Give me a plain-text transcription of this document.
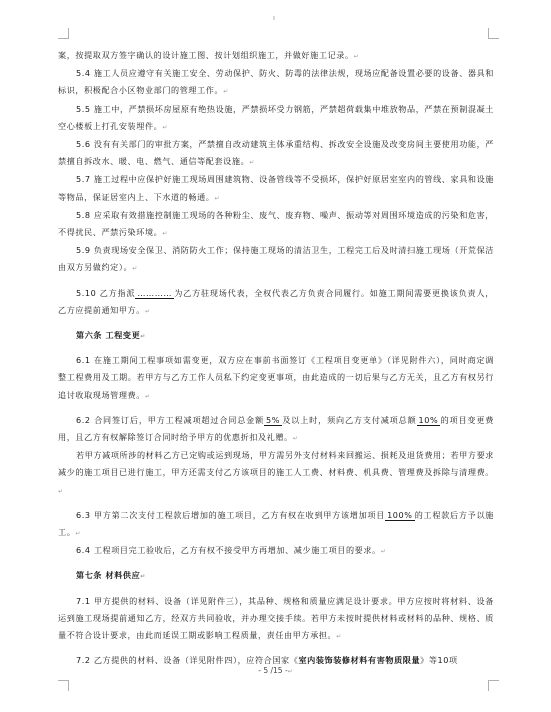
ı

案，按提取双方签字确认的设计施工图、按计划组织施工，并做好施工记录。↵

5.4 施工人员应遵守有关施工安全、劳动保护、防火、防毒的法律法规，现场应配备设置必要的设备、器具和标识，积极配合小区物业部门的管理工作。↵

5.5 施工中，严禁损坏房屋原有绝热设施，严禁损坏受力钢筋，严禁超荷载集中堆放物品，严禁在预制混凝土空心楼板上打孔安装埋件。↵

5.6 没有有关部门的审批方案，严禁擅自改动建筑主体承重结构、拆改安全设施及改变房间主要使用功能，严禁擅自拆改水、暖、电、燃气、通信等配套设施。↵

5.7 施工过程中应保护好施工现场周围建筑物、设备管线等不受损坏，保护好原居室室内的管线、家具和设施等物品，保证居室内上、下水道的畅通。↵

5.8 应采取有效措施控制施工现场的各种粉尘、废气、废弃物、噪声、振动等对周围环境造成的污染和危害，不得扰民、严禁污染环境。↵

5.9 负责现场安全保卫、消防防火工作；保持施工现场的清洁卫生，工程完工后及时清扫施工现场（开荒保洁由双方另做约定）。↵

5.10 乙方指派 ………… 为乙方驻现场代表，全权代表乙方负责合同履行。如施工期间需要更换该负责人，乙方应提前通知甲方。↵

第六条 工程变更↵

6.1 在施工期间工程事项如需变更，双方应在事前书面签订《工程项目变更单》（详见附件六），同时商定调整工程费用及工期。若甲方与乙方工作人员私下约定变更事项，由此造成的一切后果与乙方无关，且乙方有权另行追讨收取现场管理费。↵

6.2 合同签订后，甲方工程减项超过合同总金额 5% 及以上时，须向乙方支付减项总额 10% 的项目变更费用，且乙方有权解除签订合同时给予甲方的优惠折扣及礼赠。↵

若甲方减项所涉的材料乙方已定购或运到现场，甲方需另外支付材料来回搬运、损耗及退货费用；若甲方要求减少的施工项目已进行施工，甲方还需支付乙方该项目的施工人工费、材料费、机具费、管理费及拆除与清理费。↵

6.3 甲方第二次支付工程款后增加的施工项目，乙方有权在收到甲方该增加项目 100% 的工程款后方予以施工。↵

6.4 工程项目完工验收后，乙方有权不接受甲方再增加、减少施工项目的要求。↵

第七条 材料供应↵

7.1 甲方提供的材料、设备（详见附件三），其品种、规格和质量应满足设计要求。甲方应按时将材料、设备运到施工现场提前通知乙方，经双方共同验收，并办理交接手续。若甲方未按时提供材料或材料的品种、规格、质量不符合设计要求，由此而延误工期或影响工程质量，责任由甲方承担。↵

7.2 乙方提供的材料、设备（详见附件四），应符合国家《室内装饰装修材料有害物质限量》等10项

- 5 /15 -↵
